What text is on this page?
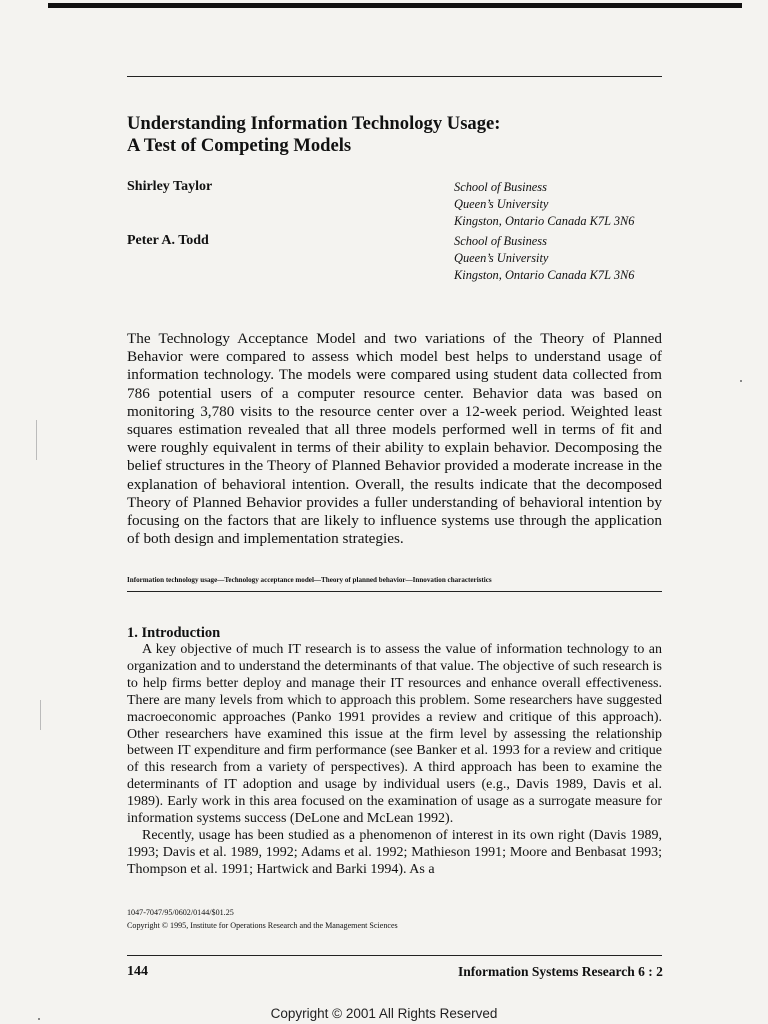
Understanding Information Technology Usage:
A Test of Competing Models
Shirley Taylor	School of Business
Queen’s University
Kingston, Ontario Canada K7L 3N6
Peter A. Todd	School of Business
Queen’s University
Kingston, Ontario Canada K7L 3N6

The Technology Acceptance Model and two variations of the Theory of Planned Behavior were compared to assess which model best helps to understand usage of information technology. The models were compared using student data collected from 786 potential users of a computer resource center. Behavior data was based on monitoring 3,780 visits to the resource center over a 12-week period. Weighted least squares estimation revealed that all three models performed well in terms of fit and were roughly equivalent in terms of their ability to explain behavior. Decomposing the belief structures in the Theory of Planned Behavior provided a moderate increase in the explanation of behavioral intention. Overall, the results indicate that the decomposed Theory of Planned Behavior provides a fuller understanding of behavioral intention by focusing on the factors that are likely to influence systems use through the application of both design and implementation strategies.

Information technology usage—Technology acceptance model—Theory of planned behavior—Innovation characteristics
1. Introduction

A key objective of much IT research is to assess the value of information technology to an organization and to understand the determinants of that value. The objective of such research is to help firms better deploy and manage their IT resources and enhance overall effectiveness. There are many levels from which to approach this problem. Some researchers have suggested macroeconomic approaches (Panko 1991 provides a review and critique of this approach). Other researchers have examined this issue at the firm level by assessing the relationship between IT expenditure and firm performance (see Banker et al. 1993 for a review and critique of this research from a variety of perspectives). A third approach has been to examine the determinants of IT adoption and usage by individual users (e.g., Davis 1989, Davis et al. 1989). Early work in this area focused on the examination of usage as a surrogate measure for information systems success (DeLone and McLean 1992).

Recently, usage has been studied as a phenomenon of interest in its own right (Davis 1989, 1993; Davis et al. 1989, 1992; Adams et al. 1992; Mathieson 1991; Moore and Benbasat 1993; Thompson et al. 1991; Hartwick and Barki 1994). As a

1047-7047/95/0602/0144/$01.25
Copyright © 1995, Institute for Operations Research and the Management Sciences
144	Information Systems Research 6 : 2
Copyright © 2001 All Rights Reserved
